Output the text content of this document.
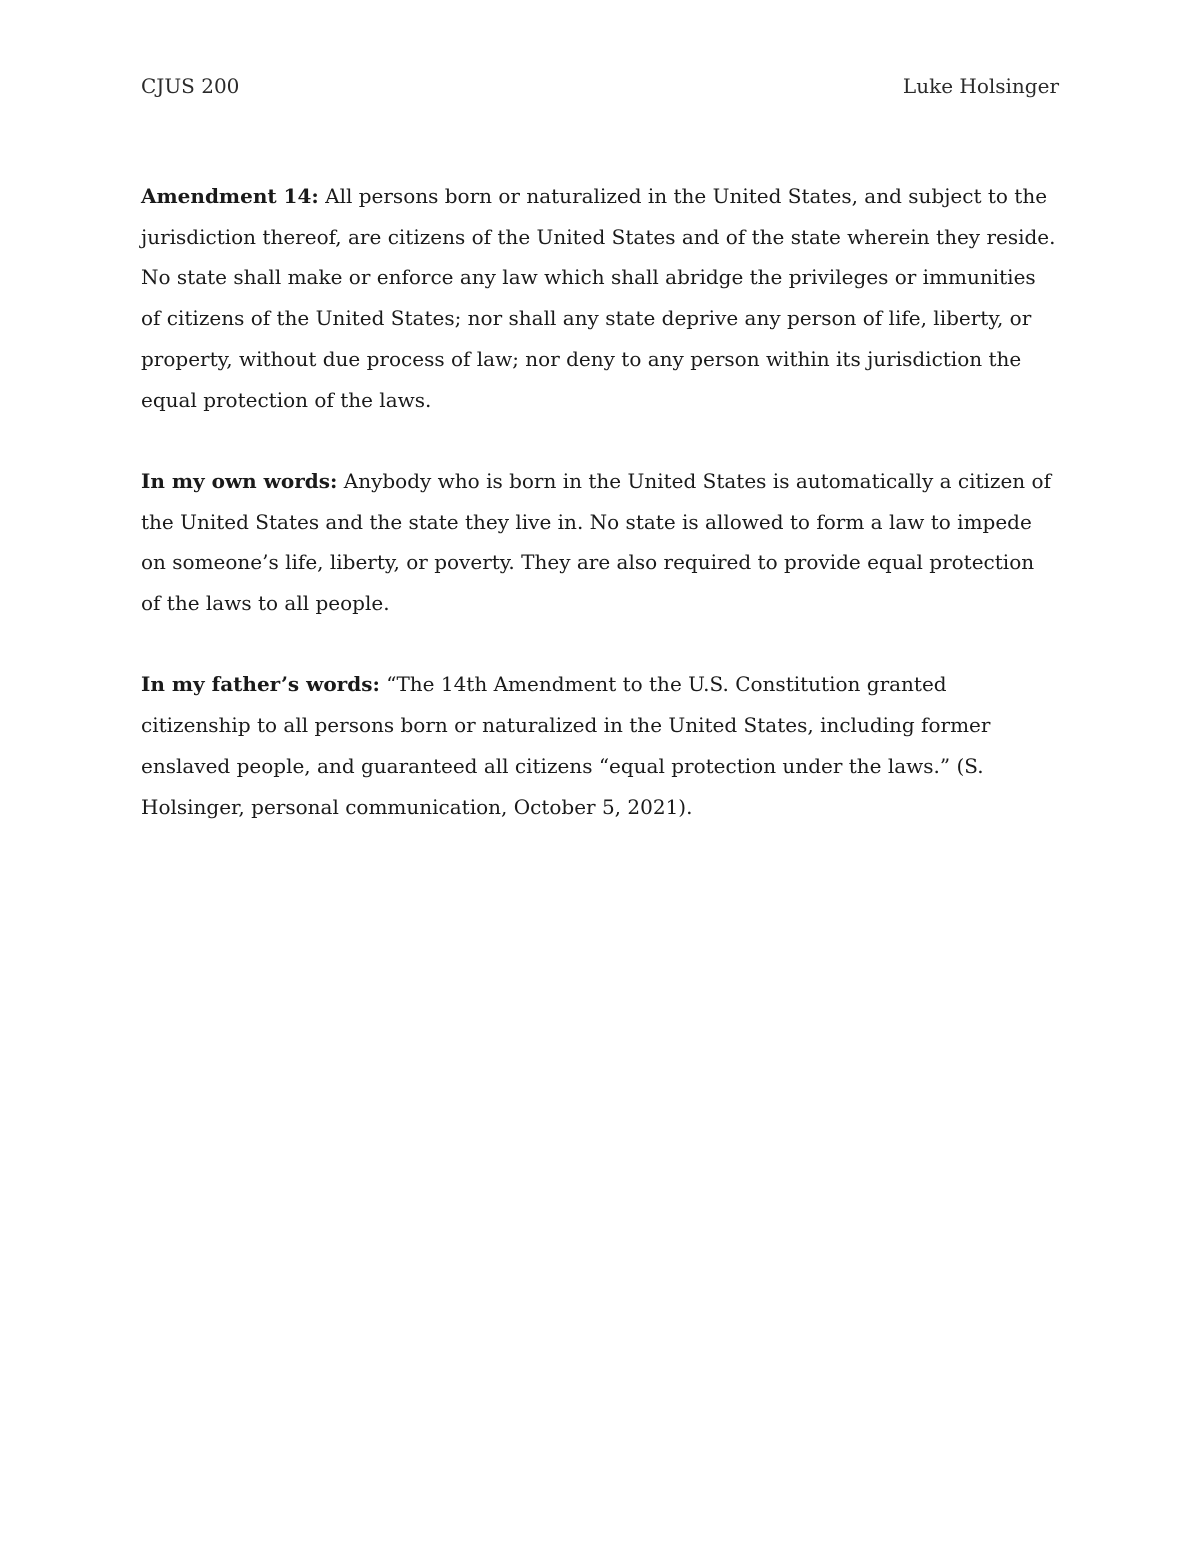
CJUS 200	Luke Holsinger

Amendment 14: All persons born or naturalized in the United States, and subject to the jurisdiction thereof, are citizens of the United States and of the state wherein they reside. No state shall make or enforce any law which shall abridge the privileges or immunities of citizens of the United States; nor shall any state deprive any person of life, liberty, or property, without due process of law; nor deny to any person within its jurisdiction the equal protection of the laws.

In my own words: Anybody who is born in the United States is automatically a citizen of the United States and the state they live in. No state is allowed to form a law to impede on someone’s life, liberty, or poverty. They are also required to provide equal protection of the laws to all people.

In my father’s words: “The 14th Amendment to the U.S. Constitution granted citizenship to all persons born or naturalized in the United States, including former enslaved people, and guaranteed all citizens “equal protection under the laws.” (S. Holsinger, personal communication, October 5, 2021).
